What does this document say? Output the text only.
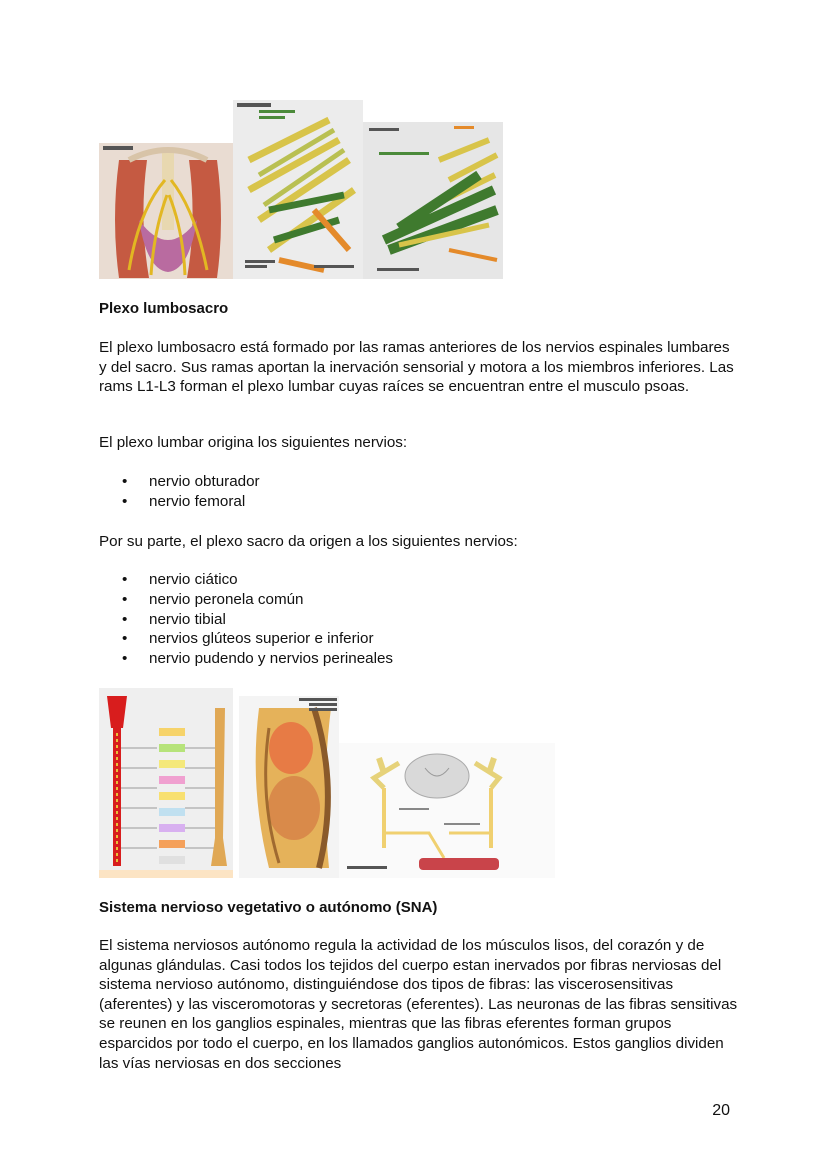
Plexo lumbosacro

El plexo lumbosacro está formado por las ramas anteriores de los nervios espinales lumbares y del sacro. Sus ramas aportan la inervación sensorial y motora a los miembros inferiores. Las rams L1-L3 forman el plexo lumbar cuyas raíces se encuentran entre el musculo psoas.

El plexo lumbar origina los siguientes nervios:

• nervio obturador
• nervio femoral

Por su parte, el plexo sacro da origen a los siguientes nervios:

• nervio ciático
• nervio peronela común
• nervio tibial
• nervios glúteos superior e inferior
• nervio pudendo y nervios perineales
Sistema nervioso vegetativo o autónomo (SNA)

El sistema nerviosos autónomo regula la actividad de los músculos lisos, del corazón y de algunas glándulas. Casi todos los tejidos del cuerpo estan inervados por fibras nerviosas del sistema nervioso autónomo, distinguiéndose dos tipos de fibras: las viscerosensitivas (aferentes) y las visceromotoras y secretoras (eferentes). Las neuronas de las fibras sensitivas se reunen en los ganglios espinales, mientras que las fibras eferentes forman grupos esparcidos por todo el cuerpo, en los llamados ganglios autonómicos. Estos ganglios dividen las vías nerviosas en dos secciones

20
